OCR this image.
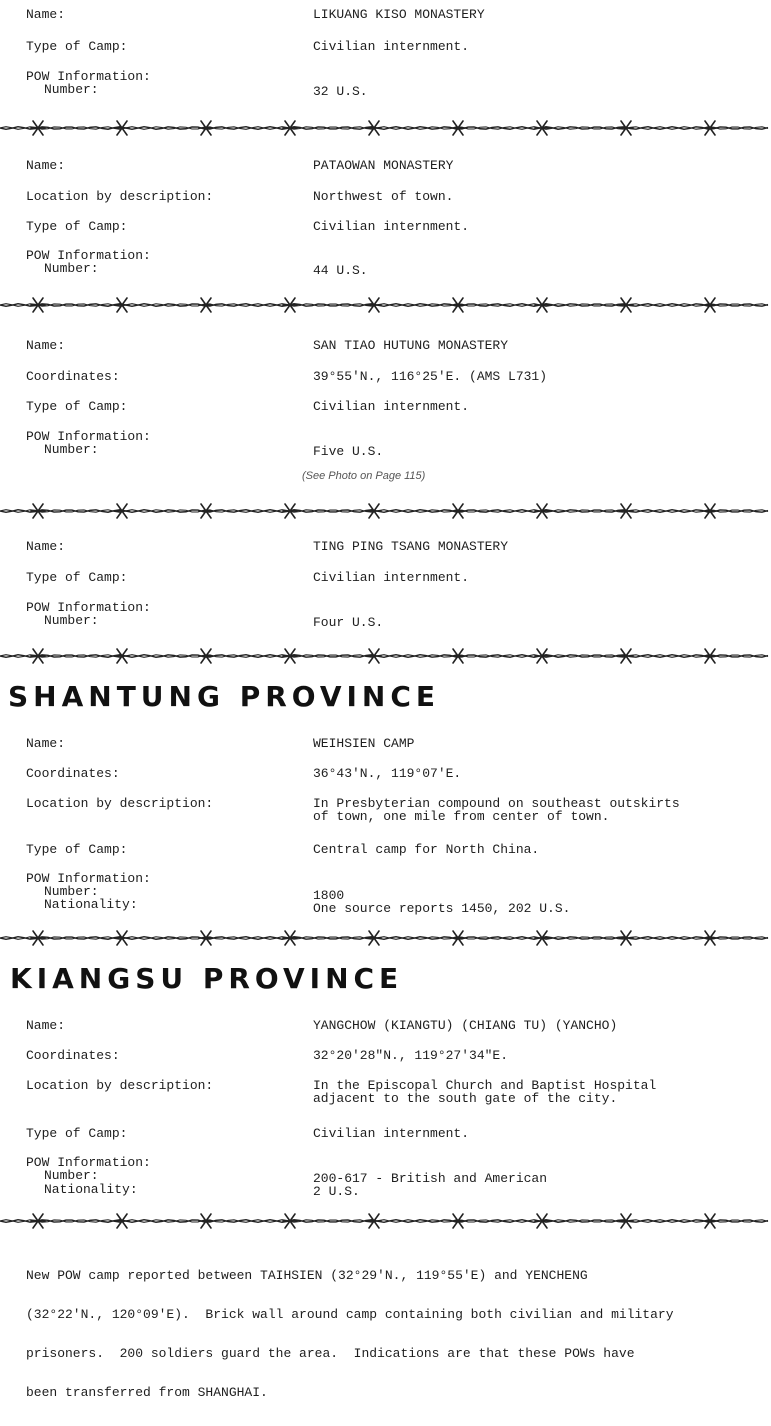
Name:	LIKUANG KISO MONASTERY
Type of Camp:	Civilian internment.
POW Information:
Number:	32 U.S.
Name:	PATAOWAN MONASTERY
Location by description:	Northwest of town.
Type of Camp:	Civilian internment.
POW Information:
Number:	44 U.S.
Name:	SAN TIAO HUTUNG MONASTERY
Coordinates:	39°55'N., 116°25'E. (AMS L731)
Type of Camp:	Civilian internment.
POW Information:
Number:	Five U.S.
(See Photo on Page 115)
Name:	TING PING TSANG MONASTERY
Type of Camp:	Civilian internment.
POW Information:
Number:	Four U.S.
SHANTUNG PROVINCE
Name:	WEIHSIEN CAMP
Coordinates:	36°43'N., 119°07'E.
Location by description:	In Presbyterian compound on southeast outskirts
of town, one mile from center of town.
Type of Camp:	Central camp for North China.
POW Information:
Number:	1800
Nationality:	One source reports 1450, 202 U.S.
KIANGSU PROVINCE
Name:	YANGCHOW (KIANGTU) (CHIANG TU) (YANCHO)
Coordinates:	32°20'28"N., 119°27'34"E.
Location by description:	In the Episcopal Church and Baptist Hospital
adjacent to the south gate of the city.
Type of Camp:	Civilian internment.
POW Information:
Number:	200-617 - British and American
Nationality:	2 U.S.

New POW camp reported between TAIHSIEN (32°29'N., 119°55'E) and YENCHENG

(32°22'N., 120°09'E).  Brick wall around camp containing both civilian and military

prisoners.  200 soldiers guard the area.  Indications are that these POWs have

been transferred from SHANGHAI.
